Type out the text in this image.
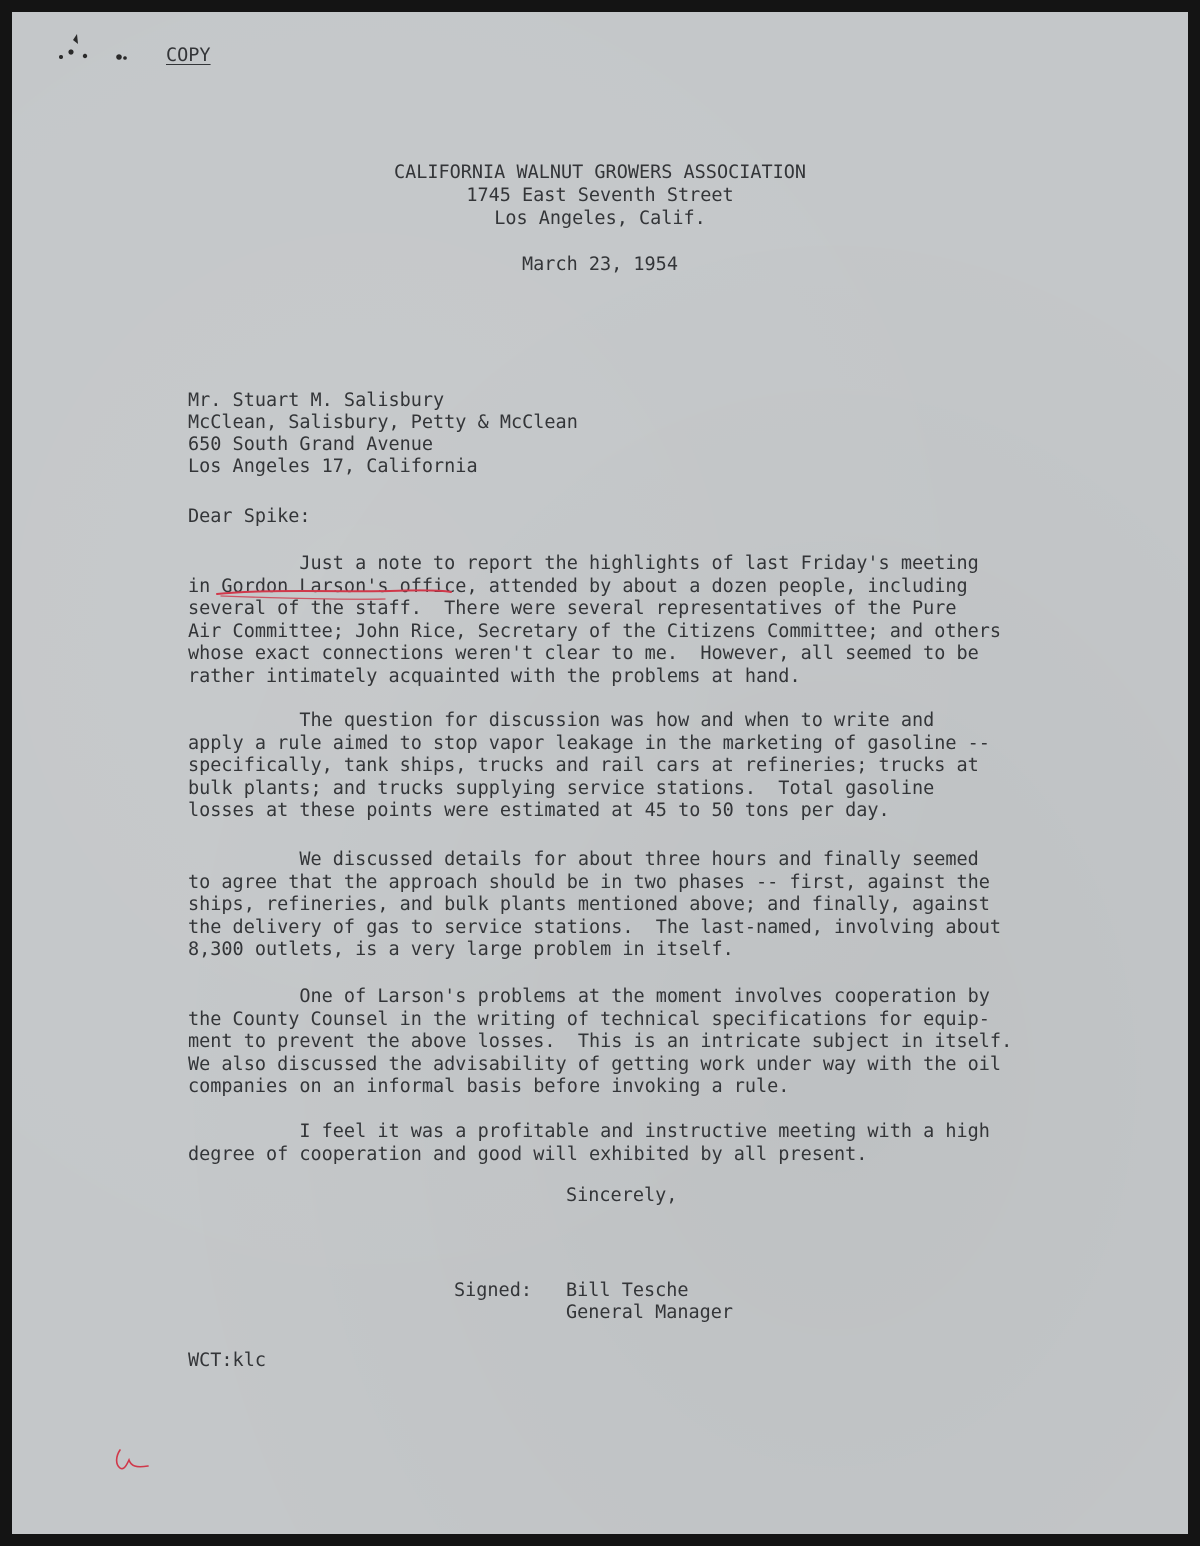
COPY

CALIFORNIA WALNUT GROWERS ASSOCIATION

1745 East Seventh Street

Los Angeles, Calif.

March 23, 1954

Mr. Stuart M. Salisbury

McClean, Salisbury, Petty & McClean

650 South Grand Avenue

Los Angeles 17, California

Dear Spike:

Just a note to report the highlights of last Friday's meeting
in Gordon Larson's office, attended by about a dozen people, including
several of the staff.  There were several representatives of the Pure
Air Committee; John Rice, Secretary of the Citizens Committee; and others
whose exact connections weren't clear to me.  However, all seemed to be
rather intimately acquainted with the problems at hand.

The question for discussion was how and when to write and
apply a rule aimed to stop vapor leakage in the marketing of gasoline --
specifically, tank ships, trucks and rail cars at refineries; trucks at
bulk plants; and trucks supplying service stations.  Total gasoline
losses at these points were estimated at 45 to 50 tons per day.

We discussed details for about three hours and finally seemed
to agree that the approach should be in two phases -- first, against the
ships, refineries, and bulk plants mentioned above; and finally, against
the delivery of gas to service stations.  The last-named, involving about
8,300 outlets, is a very large problem in itself.

One of Larson's problems at the moment involves cooperation by
the County Counsel in the writing of technical specifications for equip-
ment to prevent the above losses.  This is an intricate subject in itself.
We also discussed the advisability of getting work under way with the oil
companies on an informal basis before invoking a rule.

I feel it was a profitable and instructive meeting with a high
degree of cooperation and good will exhibited by all present.

Sincerely,

Signed: Bill Tesche

General Manager

WCT:klc
